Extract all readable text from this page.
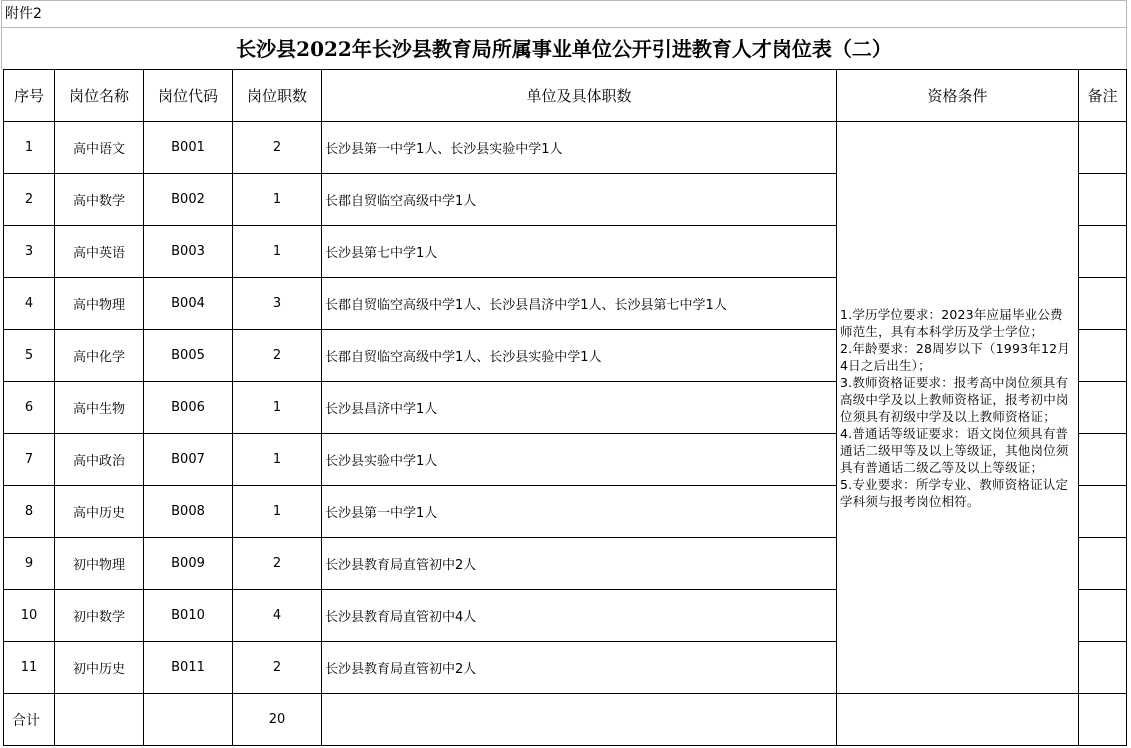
附件2
长沙县2022年长沙县教育局所属事业单位公开引进教育人才岗位表（二）
序号	岗位名称	岗位代码	岗位职数	单位及具体职数	资格条件	备注
1	高中语文	B001	2	长沙县第一中学1人、长沙县实验中学1人	1.学历学位要求：2023年应届毕业公费师范生，具有本科学历及学士学位；
2.年龄要求：28周岁以下（1993年12月4日之后出生）；
3.教师资格证要求：报考高中岗位须具有高级中学及以上教师资格证，报考初中岗位须具有初级中学及以上教师资格证；
4.普通话等级证要求：语文岗位须具有普通话二级甲等及以上等级证，其他岗位须具有普通话二级乙等及以上等级证；
5.专业要求：所学专业、教师资格证认定学科须与报考岗位相符。	

2	高中数学	B002	1	长郡自贸临空高级中学1人		
3	高中英语	B003	1	长沙县第七中学1人		
4	高中物理	B004	3	长郡自贸临空高级中学1人、长沙县昌济中学1人、长沙县第七中学1人		
5	高中化学	B005	2	长郡自贸临空高级中学1人、长沙县实验中学1人		
6	高中生物	B006	1	长沙县昌济中学1人		
7	高中政治	B007	1	长沙县实验中学1人		
8	高中历史	B008	1	长沙县第一中学1人		
9	初中物理	B009	2	长沙县教育局直管初中2人		
10	初中数学	B010	4	长沙县教育局直管初中4人		
11	初中历史	B011	2	长沙县教育局直管初中2人		
合计			20			
